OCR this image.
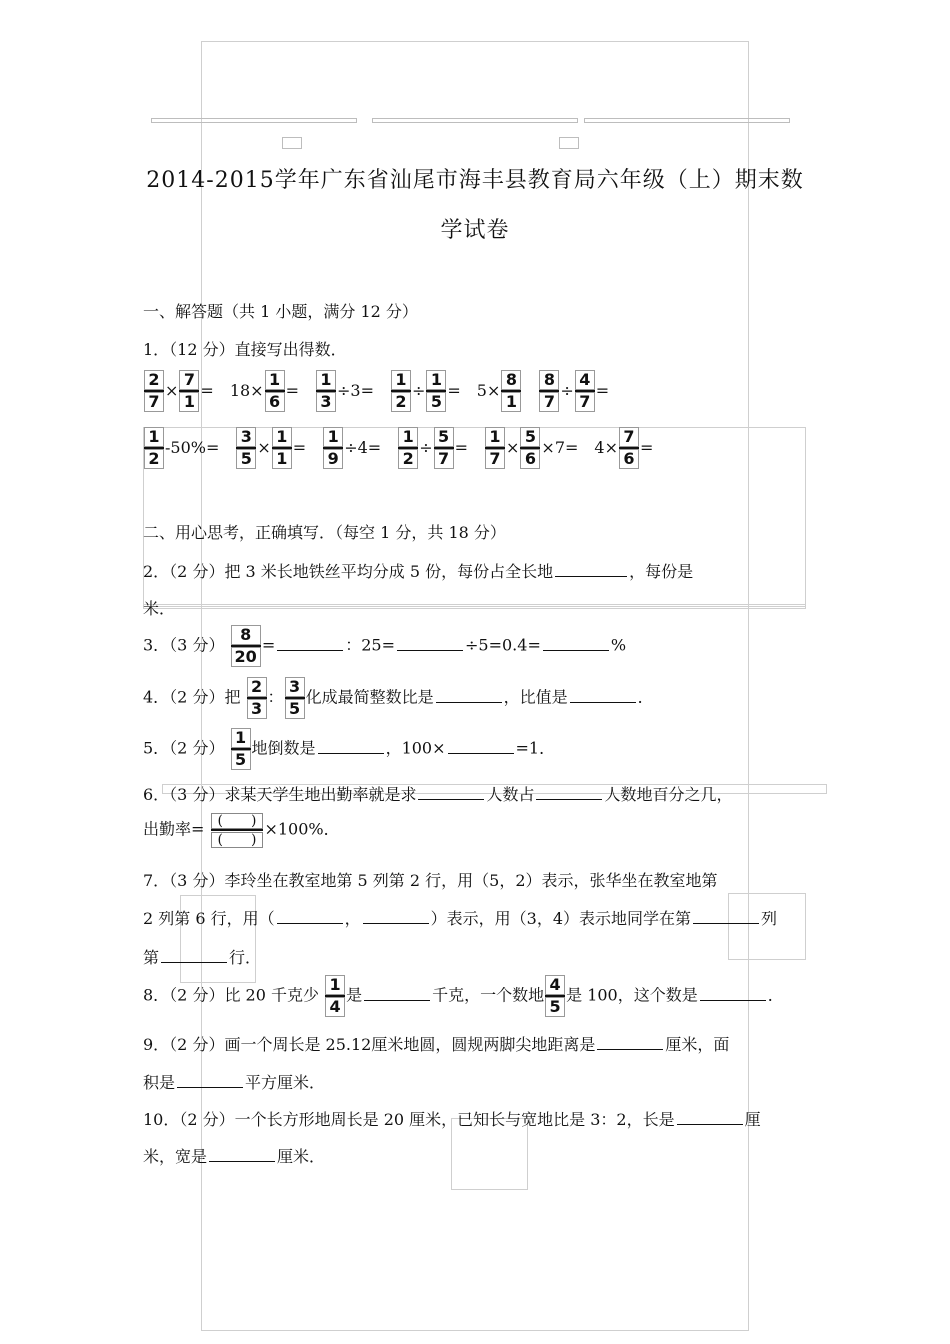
2014-2015学年广东省汕尾市海丰县教育局六年级（上）期末数
学试卷
一、解答题（共 1 小题，满分 12 分）
1．（12 分）直接写出得数．
$\frac{2}{7} \times \frac{7}{1} = 18\times \frac{1}{6} = \frac{1}{3} \div 3= \frac{1}{2} \div \frac{1}{5} = 5\times \frac{8}{1} \frac{8}{7} \div \frac{4}{7}$ =
$\frac{1}{2} -50\%= \frac{3}{5} \times \frac{1}{1} = \frac{1}{9} \div 4= \frac{1}{2} \div \frac{5}{7} = \frac{1}{7} \times \frac{5}{6} \times 7= 4\times \frac{7}{6}$ =
二、用心思考，正确填写．（每空 1 分，共 18 分）
2．（2 分）把 3 米长地铁丝平均分成 5 份，每份占全长地	，每份是
米．
3．（3 分） $\frac{8}{20}$ =	：25=	÷5=0.4=	%
4．（2 分）把 $\frac{2}{3}$ ： $\frac{3}{5}$ 化成最简整数比是	，比值是	．
5．（2 分） $\frac{1}{5}$ 地倒数是	，100×	=1．
6．（3 分）求某天学生地出勤率就是求	人数占	人数地百分之几，
出勤率= (　　)
(　　)×100%．
7．（3 分）李玲坐在教室地第 5 列第 2 行，用（5，2）表示，张华坐在教室地第
2 列第 6 行，用（	，	）表示，用（3，4）表示地同学在第	列
第	行．
8．（2 分）比 20 千克少 $\frac{1}{4}$ 是	千克，一个数地 $\frac{4}{5}$ 是 100，这个数是	．
9．（2 分）画一个周长是 25.12厘米地圆，圆规两脚尖地距离是	厘米，面
积是	平方厘米．
10．（2 分）一个长方形地周长是 20 厘米，已知长与宽地比是 3：2，长是	厘
米，宽是	厘米．
